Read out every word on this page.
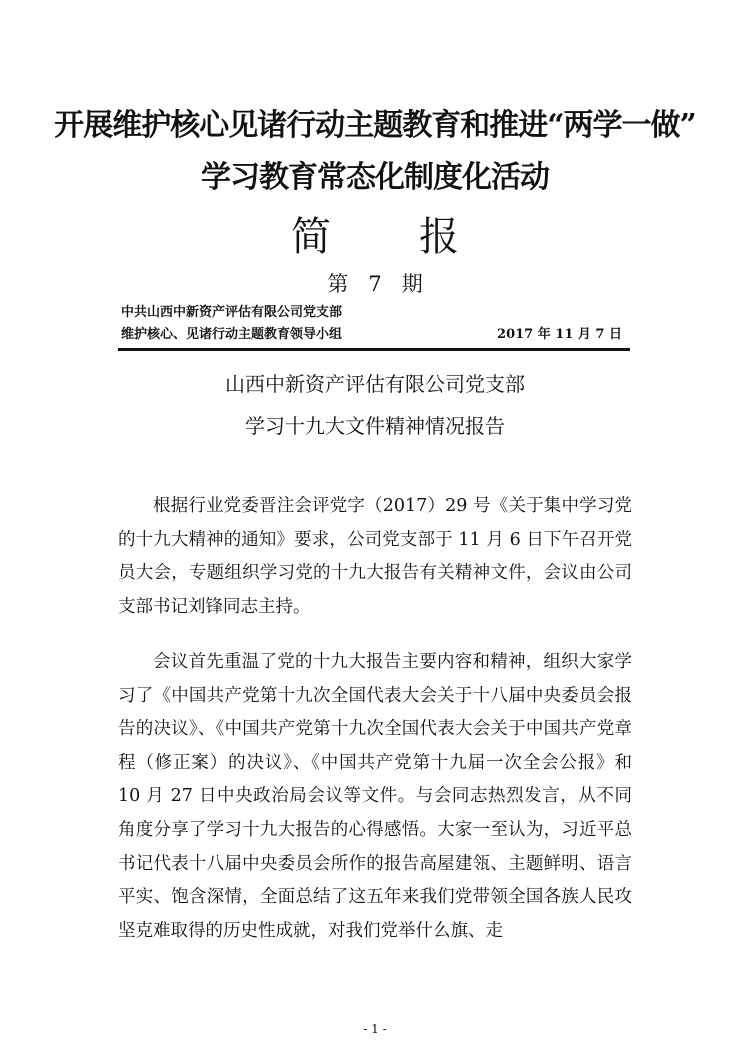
开展维护核心见诸行动主题教育和推进“两学一做”
学习教育常态化制度化活动
简 报
第 7 期
中共山西中新资产评估有限公司党支部
维护核心、见诸行动主题教育领导小组	2017 年 11 月 7 日
山西中新资产评估有限公司党支部
学习十九大文件精神情况报告

根据行业党委晋注会评党字（2017）29 号《关于集中学习党的十九大精神的通知》要求，公司党支部于 11 月 6 日下午召开党员大会，专题组织学习党的十九大报告有关精神文件，会议由公司支部书记刘锋同志主持。

会议首先重温了党的十九大报告主要内容和精神，组织大家学习了《中国共产党第十九次全国代表大会关于十八届中央委员会报告的决议》、《中国共产党第十九次全国代表大会关于中国共产党章程（修正案）的决议》、《中国共产党第十九届一次全会公报》和 10 月 27 日中央政治局会议等文件。与会同志热烈发言，从不同角度分享了学习十九大报告的心得感悟。大家一至认为，习近平总书记代表十八届中央委员会所作的报告高屋建瓴、主题鲜明、语言平实、饱含深情，全面总结了这五年来我们党带领全国各族人民攻坚克难取得的历史性成就，对我们党举什么旗、走

- 1 -
